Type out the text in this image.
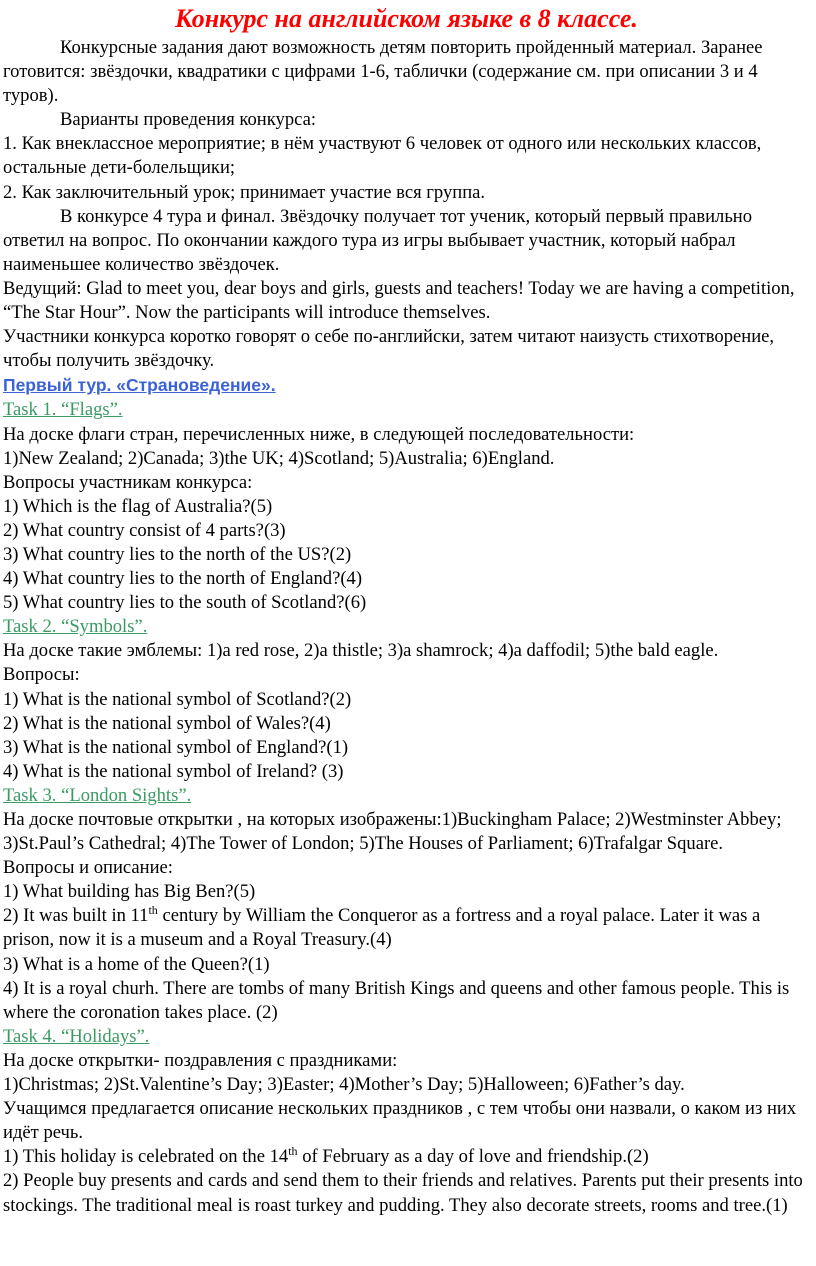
Конкурс на английском языке в 8 классе.

Конкурсные задания дают возможность детям повторить пройденный материал. Заранее готовится: звёздочки, квадратики с цифрами 1-6, таблички (содержание см. при описании 3 и 4 туров).

Варианты проведения конкурса:

1. Как внеклассное мероприятие; в нём участвуют 6 человек от одного или нескольких классов, остальные дети-болельщики;

2. Как заключительный урок; принимает участие вся группа.

В конкурсе 4 тура и финал. Звёздочку получает тот ученик, который первый правильно ответил на вопрос. По окончании каждого тура из игры выбывает участник, который набрал наименьшее количество звёздочек.

Ведущий: Glad to meet you, dear boys and girls, guests and teachers! Today we are having a competition, “The Star Hour”. Now the participants will introduce themselves.

Участники конкурса коротко говорят о себе по-английски, затем читают наизусть стихотворение, чтобы получить звёздочку.

Первый тур. «Страноведение».

Task 1. “Flags”.

На доске флаги стран, перечисленных ниже, в следующей последовательности:

1)New Zealand; 2)Canada; 3)the UK; 4)Scotland; 5)Australia; 6)England.

Вопросы участникам конкурса:

1) Which is the flag of Australia?(5)

2) What country consist of 4 parts?(3)

3) What country lies to the north of the US?(2)

4) What country lies to the north of England?(4)

5) What country lies to the south of Scotland?(6)

Task 2. “Symbols”.

На доске такие эмблемы: 1)a red rose, 2)a thistle; 3)a shamrock; 4)a daffodil; 5)the bald eagle.

Вопросы:

1) What is the national symbol of Scotland?(2)

2) What is the national symbol of Wales?(4)

3) What is the national symbol of England?(1)

4) What is the national symbol of Ireland? (3)

Task 3. “London Sights”.

На доске почтовые открытки , на которых изображены:1)Buckingham Palace; 2)Westminster Abbey; 3)St.Paul’s Cathedral; 4)The Tower of London; 5)The Houses of Parliament; 6)Trafalgar Square.

Вопросы и описание:

1) What building has Big Ben?(5)

2) It was built in 11th century by William the Conqueror as a fortress and a royal palace. Later it was a prison, now it is a museum and a Royal Treasury.(4)

3) What is a home of the Queen?(1)

4) It is a royal churh. There are tombs of many British Kings and queens and other famous people. This is where the coronation takes place. (2)

Task 4. “Holidays”.

На доске открытки- поздравления с праздниками:

1)Christmas; 2)St.Valentine’s Day; 3)Easter; 4)Mother’s Day; 5)Halloween; 6)Father’s day.

Учащимся предлагается описание нескольких праздников , с тем чтобы они назвали, о каком из них идёт речь.

1) This holiday is celebrated on the 14th of February as a day of love and friendship.(2)

2) People buy presents and cards and send them to their friends and relatives. Parents put their presents into stockings. The traditional meal is roast turkey and pudding. They also decorate streets, rooms and tree.(1)
